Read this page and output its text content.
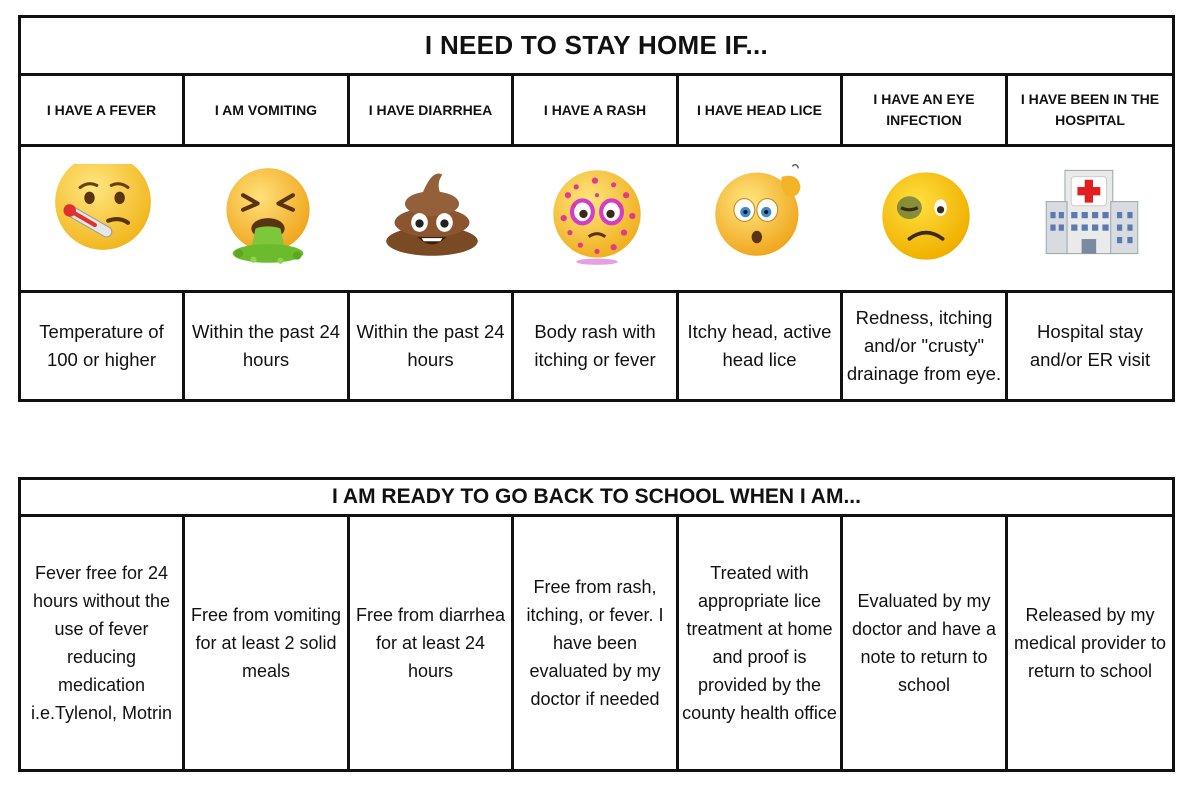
I NEED TO STAY HOME IF...
I HAVE A FEVER	I AM VOMITING	I HAVE DIARRHEA	I HAVE A RASH	I HAVE HEAD LICE	I HAVE AN EYE INFECTION	I HAVE BEEN IN THE HOSPITAL

Temperature of 100 or higher	Within the past 24 hours	Within the past 24 hours	Body rash with itching or fever	Itchy head, active head lice	Redness, itching and/or "crusty" drainage from eye.	Hospital stay and/or ER visit
I AM READY TO GO BACK TO SCHOOL WHEN I AM...
Fever free for 24 hours without the use of fever reducing medication i.e.Tylenol, Motrin	Free from vomiting for at least 2 solid meals	Free from diarrhea for at least 24 hours	Free from rash, itching, or fever. I have been evaluated by my doctor if needed	Treated with appropriate lice treatment at home and proof is provided by the county health office	Evaluated by my doctor and have a note to return to school	Released by my medical provider to return to school
